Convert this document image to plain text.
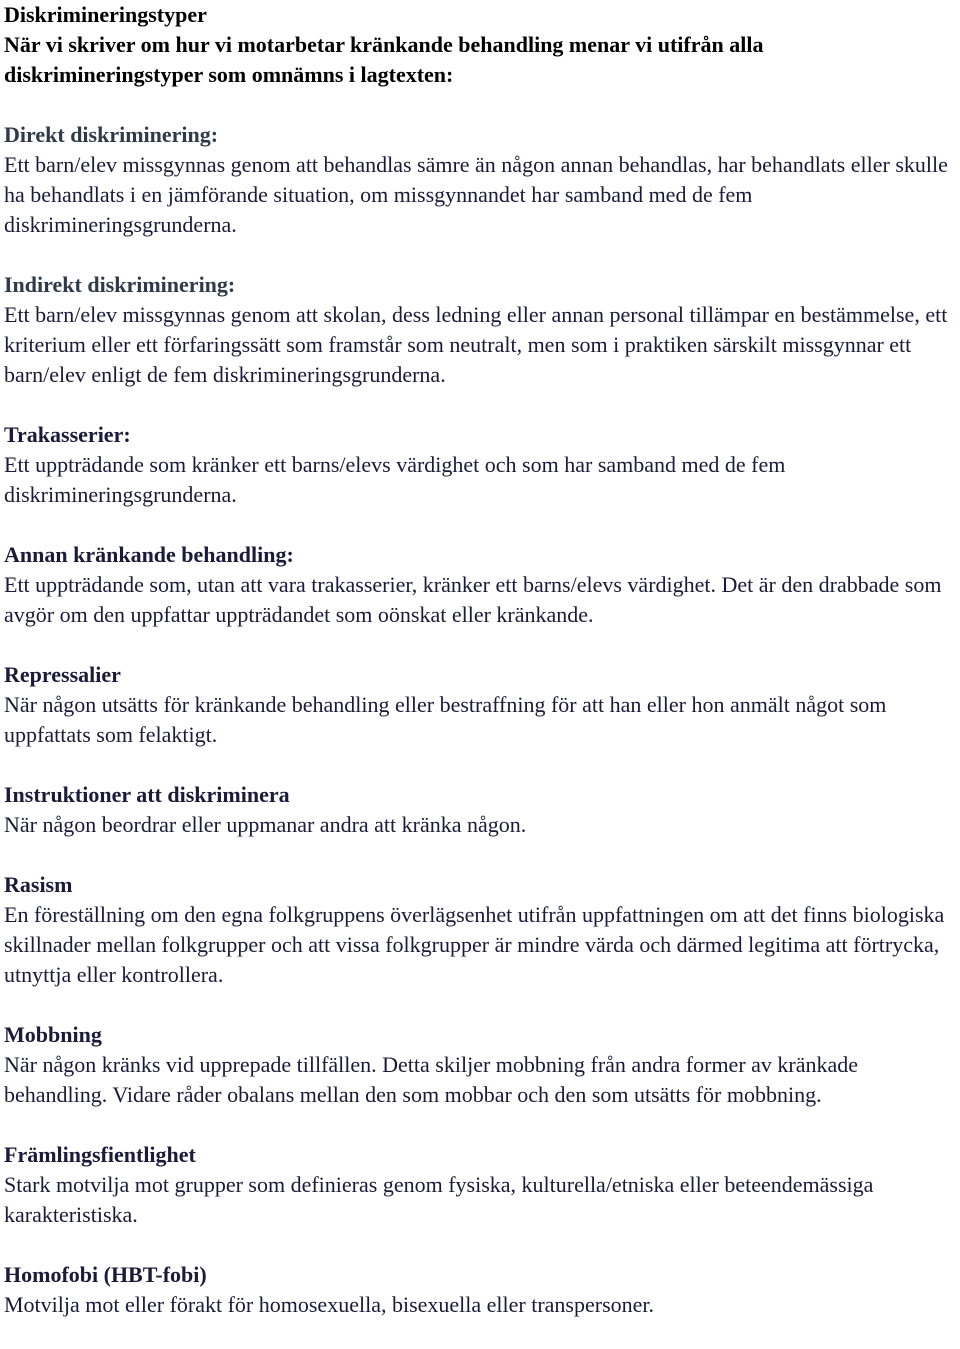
Diskrimineringstyper

När vi skriver om hur vi motarbetar kränkande behandling menar vi utifrån alla diskrimineringstyper som omnämns i lagtexten:

Direkt diskriminering:

Ett barn/elev missgynnas genom att behandlas sämre än någon annan behandlas, har behandlats eller skulle ha behandlats i en jämförande situation, om missgynnandet har samband med de fem diskrimineringsgrunderna.

Indirekt diskriminering:

Ett barn/elev missgynnas genom att skolan, dess ledning eller annan personal tillämpar en bestämmelse, ett kriterium eller ett förfaringssätt som framstår som neutralt, men som i praktiken särskilt missgynnar ett barn/elev enligt de fem diskrimineringsgrunderna.

Trakasserier:

Ett uppträdande som kränker ett barns/elevs värdighet och som har samband med de fem diskrimineringsgrunderna.

Annan kränkande behandling:

Ett uppträdande som, utan att vara trakasserier, kränker ett barns/elevs värdighet. Det är den drabbade som avgör om den uppfattar uppträdandet som oönskat eller kränkande.

Repressalier

När någon utsätts för kränkande behandling eller bestraffning för att han eller hon anmält något som uppfattats som felaktigt.

Instruktioner att diskriminera

När någon beordrar eller uppmanar andra att kränka någon.

Rasism

En föreställning om den egna folkgruppens överlägsenhet utifrån uppfattningen om att det finns biologiska skillnader mellan folkgrupper och att vissa folkgrupper är mindre värda och därmed legitima att förtrycka, utnyttja eller kontrollera.

Mobbning

När någon kränks vid upprepade tillfällen. Detta skiljer mobbning från andra former av kränkade behandling. Vidare råder obalans mellan den som mobbar och den som utsätts för mobbning.

Främlingsfientlighet

Stark motvilja mot grupper som definieras genom fysiska, kulturella/etniska eller beteendemässiga karakteristiska.

Homofobi (HBT-fobi)

Motvilja mot eller förakt för homosexuella, bisexuella eller transpersoner.
